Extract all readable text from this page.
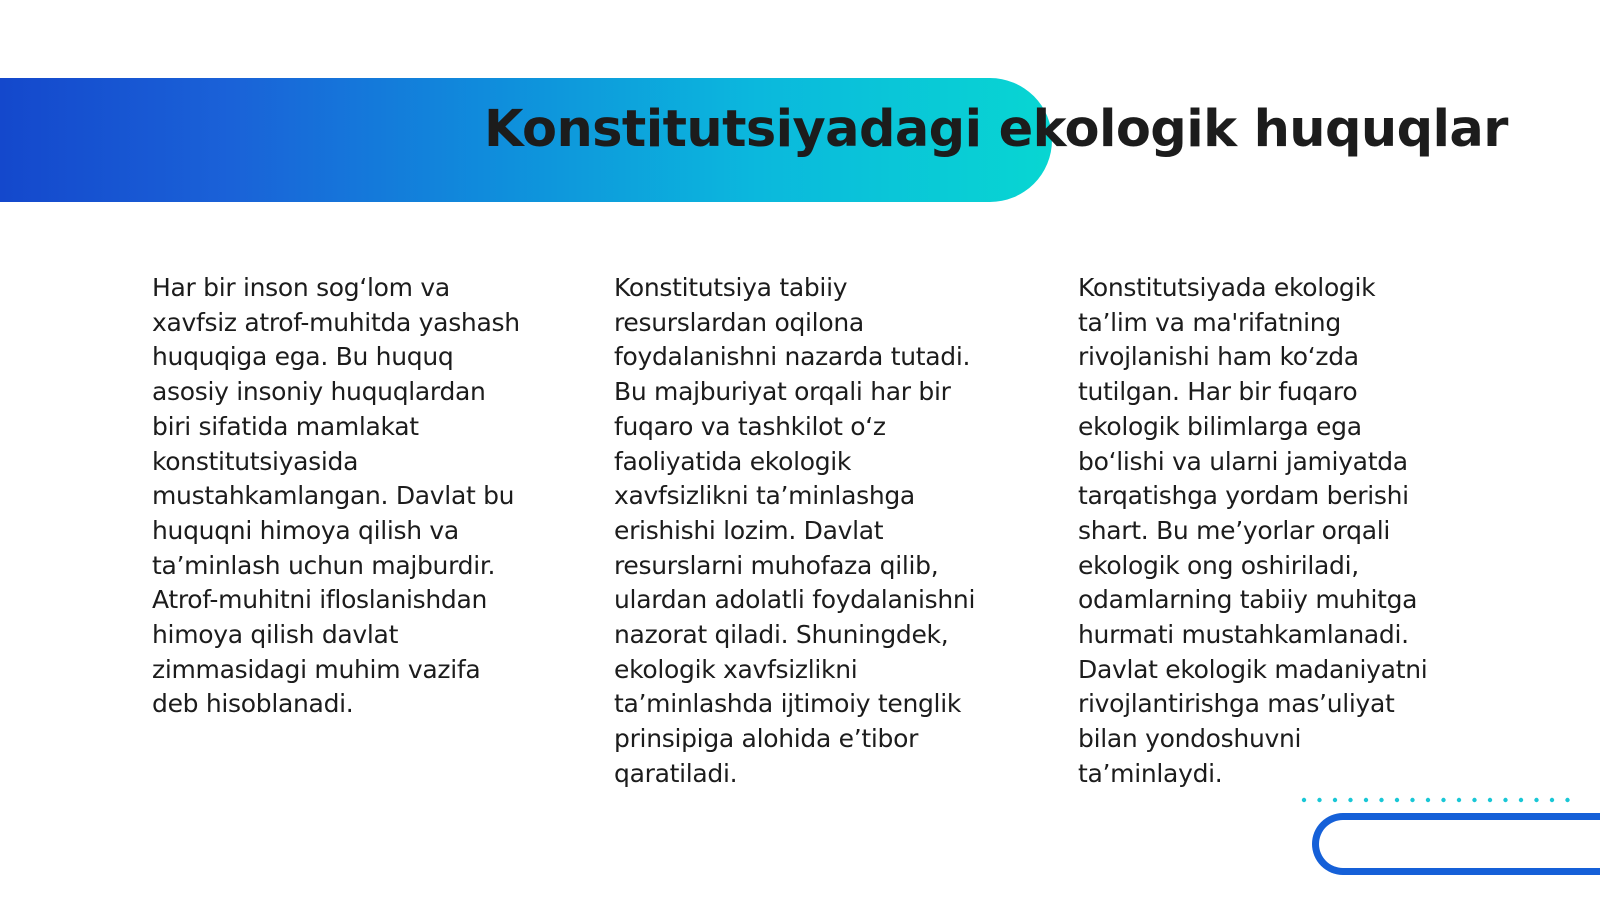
Konstitutsiyadagi ekologik huquqlar

Har bir inson sog‘lom va xavfsiz atrof-muhitda yashash huquqiga ega. Bu huquq asosiy insoniy huquqlardan biri sifatida mamlakat konstitutsiyasida mustahkamlangan. Davlat bu huquqni himoya qilish va ta’minlash uchun majburdir. Atrof-muhitni ifloslanishdan himoya qilish davlat zimmasidagi muhim vazifa deb hisoblanadi.

Konstitutsiya tabiiy resurslardan oqilona foydalanishni nazarda tutadi. Bu majburiyat orqali har bir fuqaro va tashkilot o‘z faoliyatida ekologik xavfsizlikni ta’minlashga erishishi lozim. Davlat resurslarni muhofaza qilib, ulardan adolatli foydalanishni nazorat qiladi. Shuningdek, ekologik xavfsizlikni ta’minlashda ijtimoiy tenglik prinsipiga alohida e’tibor qaratiladi.

Konstitutsiyada ekologik ta’lim va ma'rifatning rivojlanishi ham ko‘zda tutilgan. Har bir fuqaro ekologik bilimlarga ega bo‘lishi va ularni jamiyatda tarqatishga yordam berishi shart. Bu me’yorlar orqali ekologik ong oshiriladi, odamlarning tabiiy muhitga hurmati mustahkamlanadi. Davlat ekologik madaniyatni rivojlantirishga mas’uliyat bilan yondoshuvni ta’minlaydi.
